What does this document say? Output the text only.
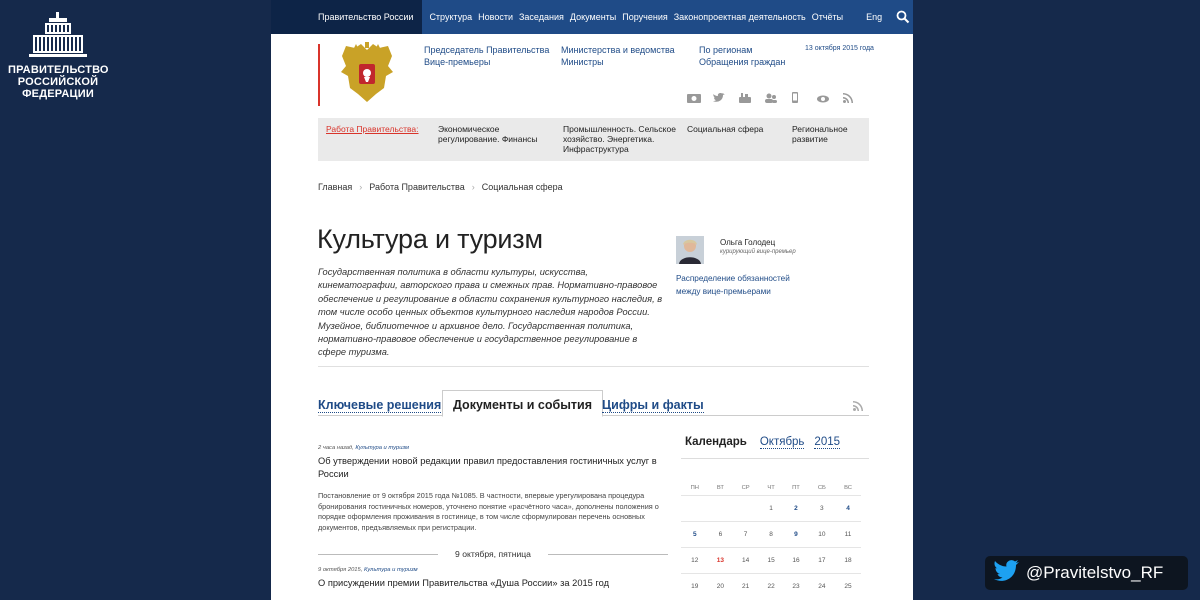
ПРАВИТЕЛЬСТВО
РОССИЙСКОЙ
ФЕДЕРАЦИИ
Правительство России	Структура Новости Заседания Документы Поручения Законопроектная деятельность Отчёты	Eng
Председатель Правительства
Вице-премьеры
Министерства и ведомства
Министры
По регионам
Обращения граждан
13 октября 2015 года
Работа Правительства: Экономическое регулирование. Финансы
Промышленность. Сельское хозяйство. Энергетика. Инфраструктура
Социальная сфера	Региональное развитие
Главная › Работа Правительства › Социальная сфера
Культура и туризм
Государственная политика в области культуры, искусства, кинематографии, авторского права и смежных прав. Нормативно-правовое обеспечение и регулирование в области сохранения культурного наследия, в том числе особо ценных объектов культурного наследия народов России. Музейное, библиотечное и архивное дело. Государственная политика, нормативно-правовое обеспечение и государственное регулирование в сфере туризма.
Ольга Голодец
курирующий вице-премьер
Распределение обязанностей между вице-премьерами
Ключевые решения Документы и события Цифры и факты
2 часа назад, Культура и туризм
Об утверждении новой редакции правил предоставления гостиничных услуг в России
Постановление от 9 октября 2015 года №1085. В частности, впервые урегулирована процедура бронирования гостиничных номеров, уточнено понятие «расчётного часа», дополнены положения о порядке оформления проживания в гостинице, в том числе сформулирован перечень основных документов, предъявляемых при регистрации.
9 октября, пятница
9 октября 2015, Культура и туризм
О присуждении премии Правительства «Душа России» за 2015 год
Календарь Октябрь 2015
ПН	ВТ	СР	ЧТ	ПТ	СБ	ВС
			1	2	3	4
5	6	7	8	9	10	11
12	13	14	15	16	17	18
19	20	21	22	23	24	25
@Pravitelstvo_RF
